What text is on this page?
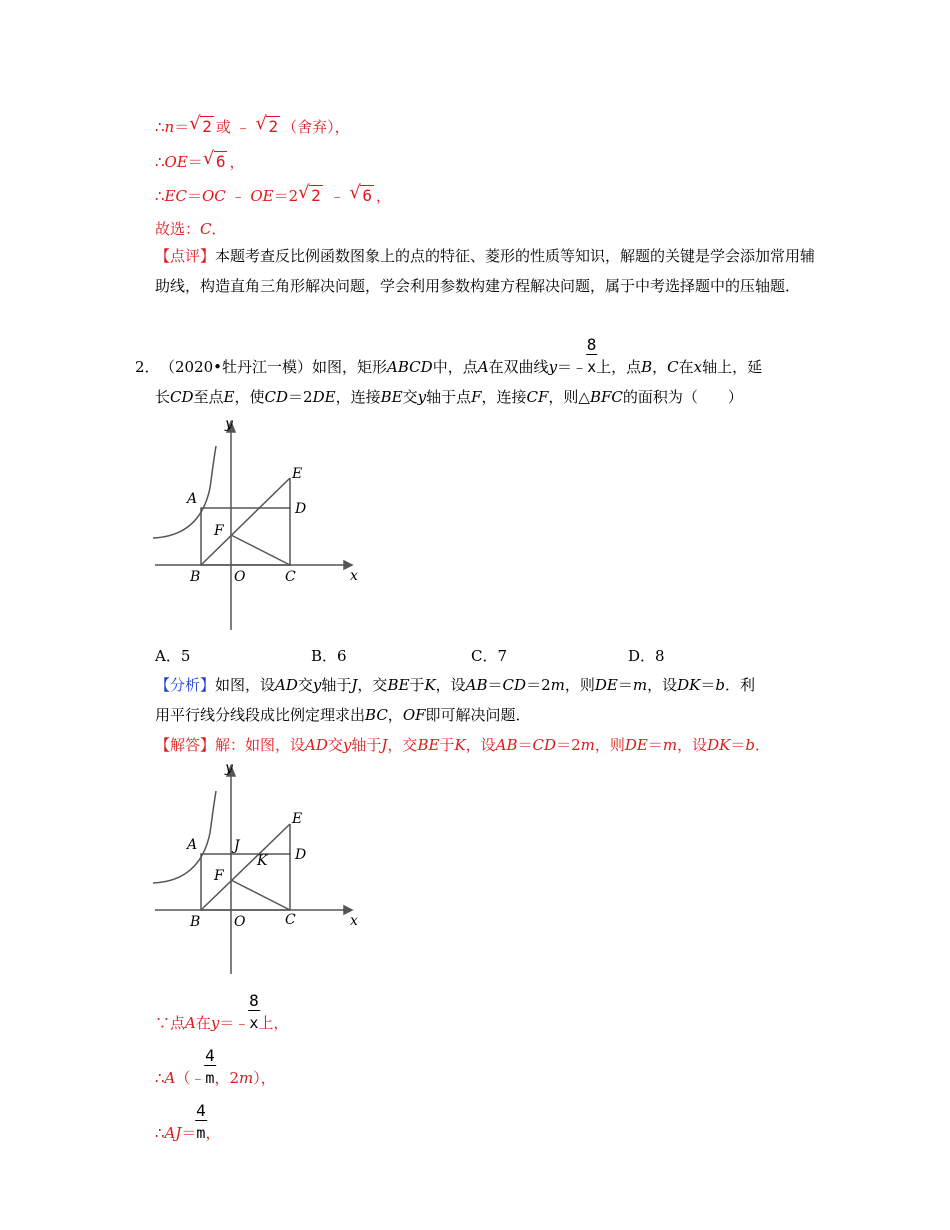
∴n＝ √ 2 或 ﹣ √ 2 （舍弃），
∴OE＝ √ 6 ，
∴EC＝OC ﹣ OE＝2 √ 2 ﹣ √ 6 ，
故选：C．
【点评】本题考查反比例函数图象上的点的特征、菱形的性质等知识，解题的关键是学会添加常用辅助线，构造直角三角形解决问题，学会利用参数构建方程解决问题，属于中考选择题中的压轴题．
2． （2020•牡丹江一模）如图，矩形ABCD中，点A在双曲线y＝﹣ $\frac{8}{x}$上，点B，C在x轴上，延
长CD至点E，使CD＝2DE，连接BE交y轴于点F，连接CF，则△BFC的面积为（　　）
y
x
A
B O	C
D
E
F
A．5	B．6	C．7	D．8
【分析】如图，设AD交y轴于J，交BE于K，设AB＝CD＝2m，则DE＝m，设DK＝b．利
用平行线分线段成比例定理求出BC，OF即可解决问题．
【解答】解：如图，设AD交y轴于J，交BE于K，设AB＝CD＝2m，则DE＝m，设DK＝b．
y
x
A	J
K
B O	C
D
E
F
∵点A在y＝﹣ $\frac{8}{x}$上，
∴A（﹣ $\frac{4}{m}$，2m），
∴AJ＝ $\frac{4}{m}$，
